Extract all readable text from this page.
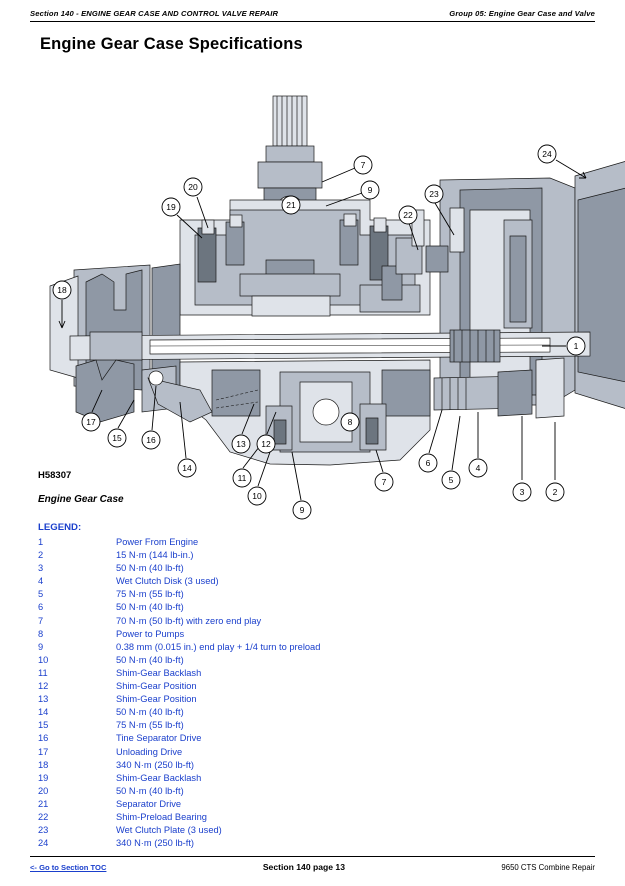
Section 140 - ENGINE GEAR CASE AND CONTROL VALVE REPAIR	Group 05: Engine Gear Case and Valve
Engine Gear Case Specifications
1
2
3
4
5
6
7
8
9
10
11
12
13
14
15	16
17
18
19
20
21
22
23
24
7
9
H58307
Engine Gear Case
LEGEND:
1	Power From Engine
2	15 N·m (144 lb-in.)
3	50 N·m (40 lb-ft)
4	Wet Clutch Disk (3 used)
5	75 N·m (55 lb-ft)
6	50 N·m (40 lb-ft)
7	70 N·m (50 lb-ft) with zero end play
8	Power to Pumps
9	0.38 mm (0.015 in.) end play + 1/4 turn to preload
10	50 N·m (40 lb-ft)
11	Shim-Gear Backlash
12	Shim-Gear Position
13	Shim-Gear Position
14	50 N·m (40 lb-ft)
15	75 N·m (55 lb-ft)
16	Tine Separator Drive
17	Unloading Drive
18	340 N·m (250 lb-ft)
19	Shim-Gear Backlash
20	50 N·m (40 lb-ft)
21	Separator Drive
22	Shim-Preload Bearing
23	Wet Clutch Plate (3 used)
24	340 N·m (250 lb-ft)
<- Go to Section TOC	Section 140 page 13	9650 CTS Combine Repair
